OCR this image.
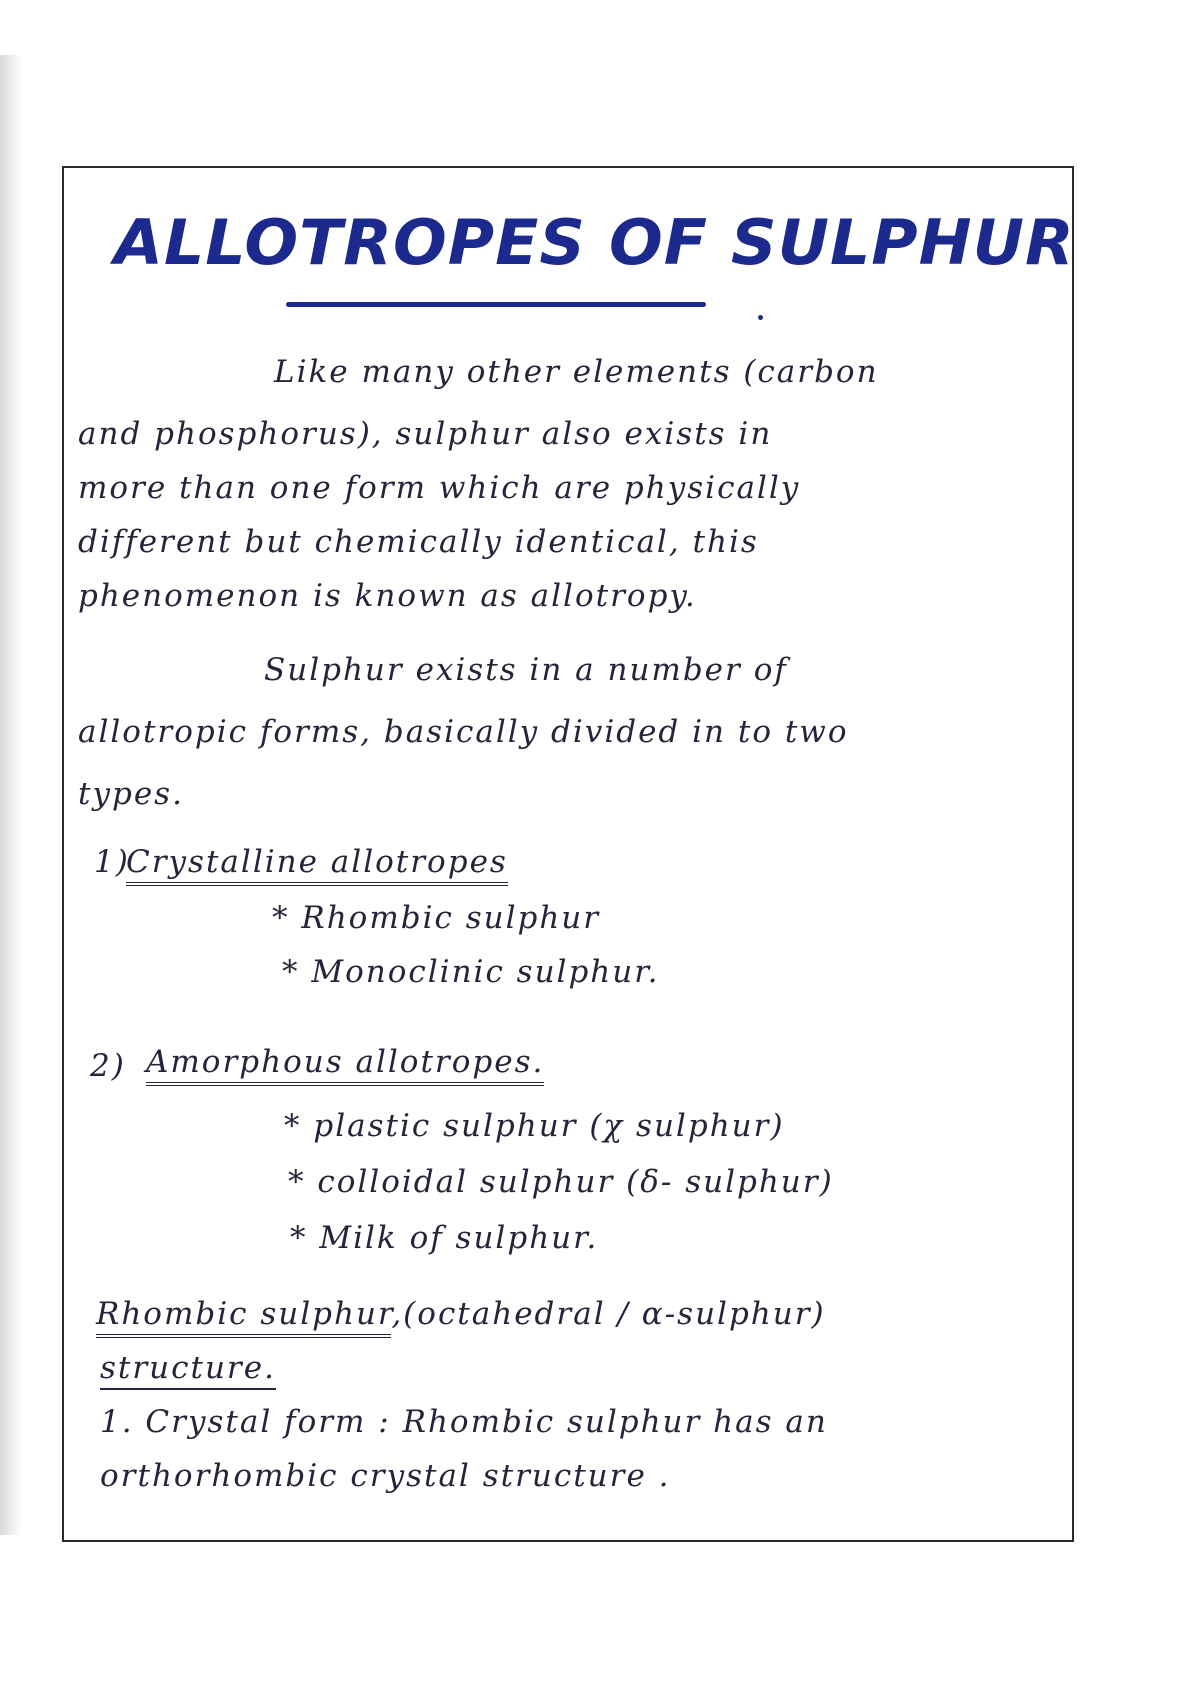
ALLOTROPES OF SULPHUR
Like many other elements (carbon
and phosphorus), sulphur also exists in
more than one form which are physically
different but chemically identical, this
phenomenon is known as allotropy.
Sulphur exists in a number of
allotropic forms, basically divided in to two
types.
1)
Crystalline allotropes
* Rhombic sulphur
* Monoclinic sulphur.
2) Amorphous allotropes.
* plastic sulphur (χ sulphur)
* colloidal sulphur (δ- sulphur)
* Milk of sulphur.
Rhombic sulphur,(octahedral / α-sulphur)
structure.
1. Crystal form : Rhombic sulphur has an
orthorhombic crystal structure .
